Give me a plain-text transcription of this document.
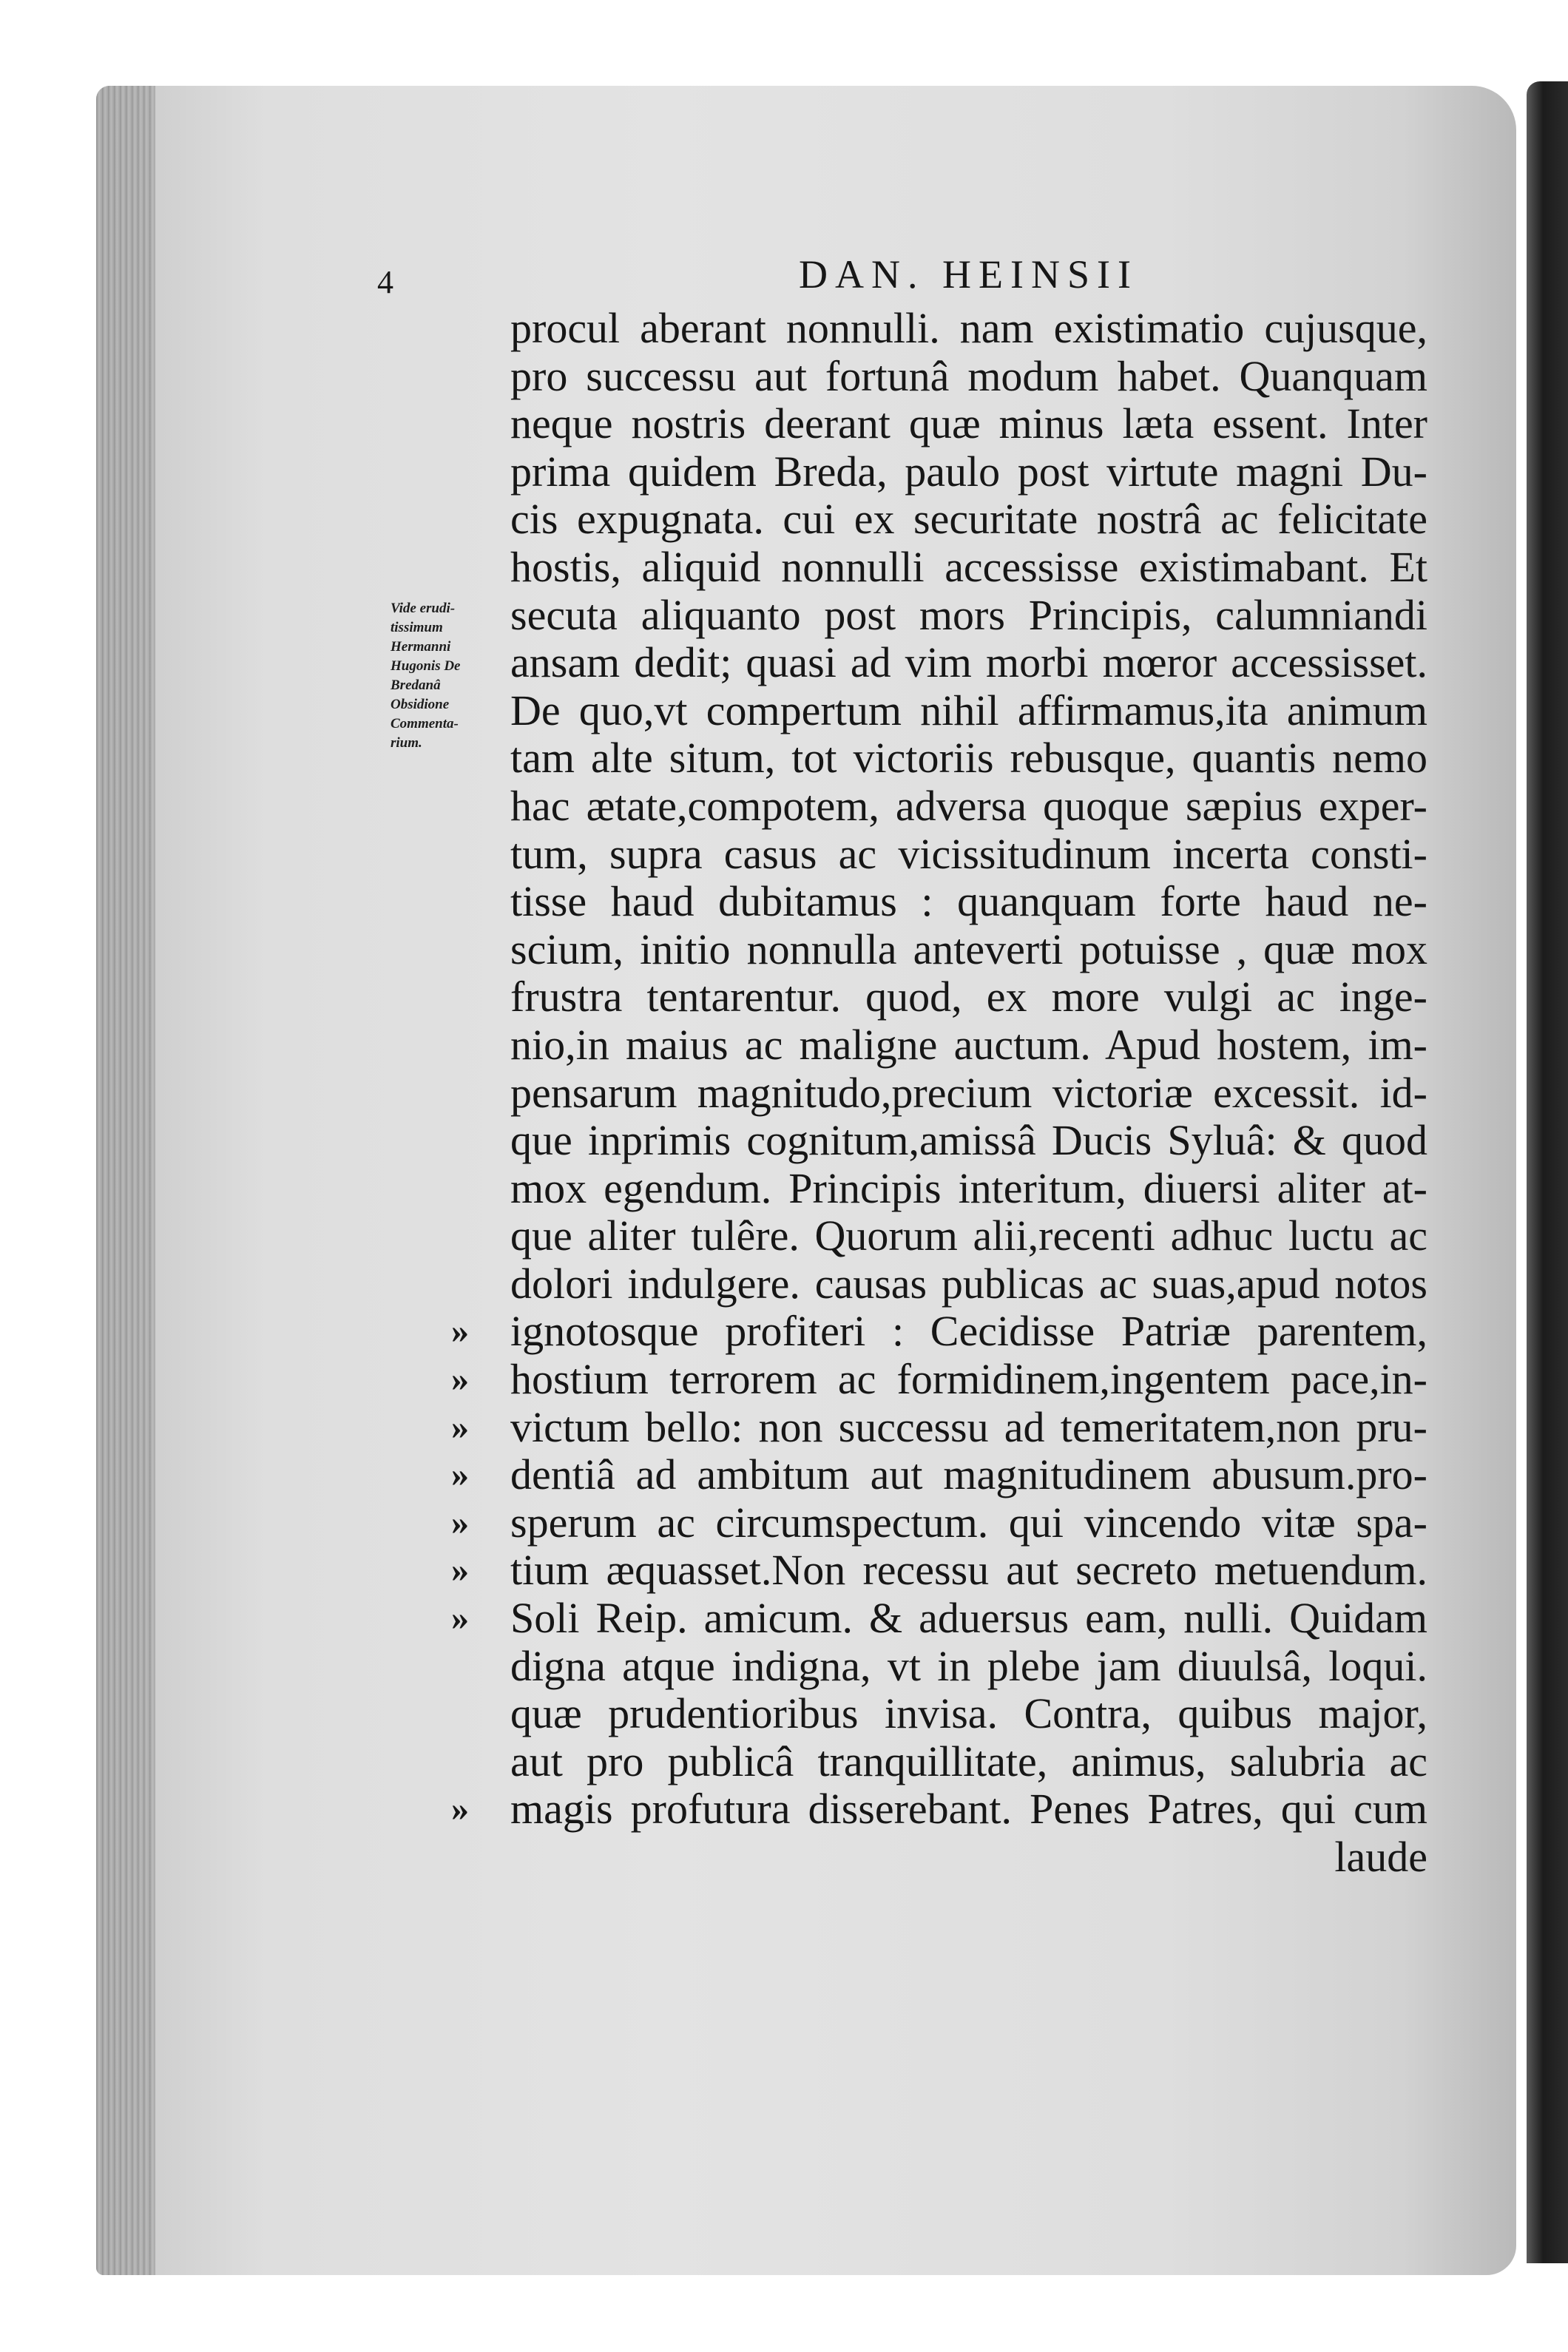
4	DAN. HEINSII
Vide erudi-
tissimum
Hermanni
Hugonis De
Bredanâ
Obsidione
Commenta-
rium.
procul aberant nonnulli. nam existimatio cujusque,
pro successu aut fortunâ modum habet. Quanquam
neque nostris deerant quæ minus læta essent. Inter
prima quidem Breda, paulo post virtute magni Du-
cis expugnata. cui ex securitate nostrâ ac felicitate
hostis, aliquid nonnulli accessisse existimabant. Et
secuta aliquanto post mors Principis, calumniandi
ansam dedit; quasi ad vim morbi mœror accessisset.
De quo,vt compertum nihil affirmamus,ita animum
tam alte situm, tot victoriis rebusque, quantis nemo
hac ætate,compotem, adversa quoque sæpius exper-
tum, supra casus ac vicissitudinum incerta consti-
tisse haud dubitamus : quanquam forte haud ne-
scium, initio nonnulla anteverti potuisse , quæ mox
frustra tentarentur. quod, ex more vulgi ac inge-
nio,in maius ac maligne auctum. Apud hostem, im-
pensarum magnitudo,precium victoriæ excessit. id-
que inprimis cognitum,amissâ Ducis Syluâ: & quod
mox egendum. Principis interitum, diuersi aliter at-
que aliter tulêre. Quorum alii,recenti adhuc luctu ac
dolori indulgere. causas publicas ac suas,apud notos
» ignotosque profiteri : Cecidisse Patriæ parentem,
» hostium terrorem ac formidinem,ingentem pace,in-
» victum bello: non successu ad temeritatem,non pru-
» dentiâ ad ambitum aut magnitudinem abusum.pro-
» sperum ac circumspectum. qui vincendo vitæ spa-
» tium æquasset.Non recessu aut secreto metuendum.
» Soli Reip. amicum. & aduersus eam, nulli. Quidam
digna atque indigna, vt in plebe jam diuulsâ, loqui.
quæ prudentioribus invisa. Contra, quibus major,
aut pro publicâ tranquillitate, animus, salubria ac
» magis profutura disserebant. Penes Patres, qui cum
laude
